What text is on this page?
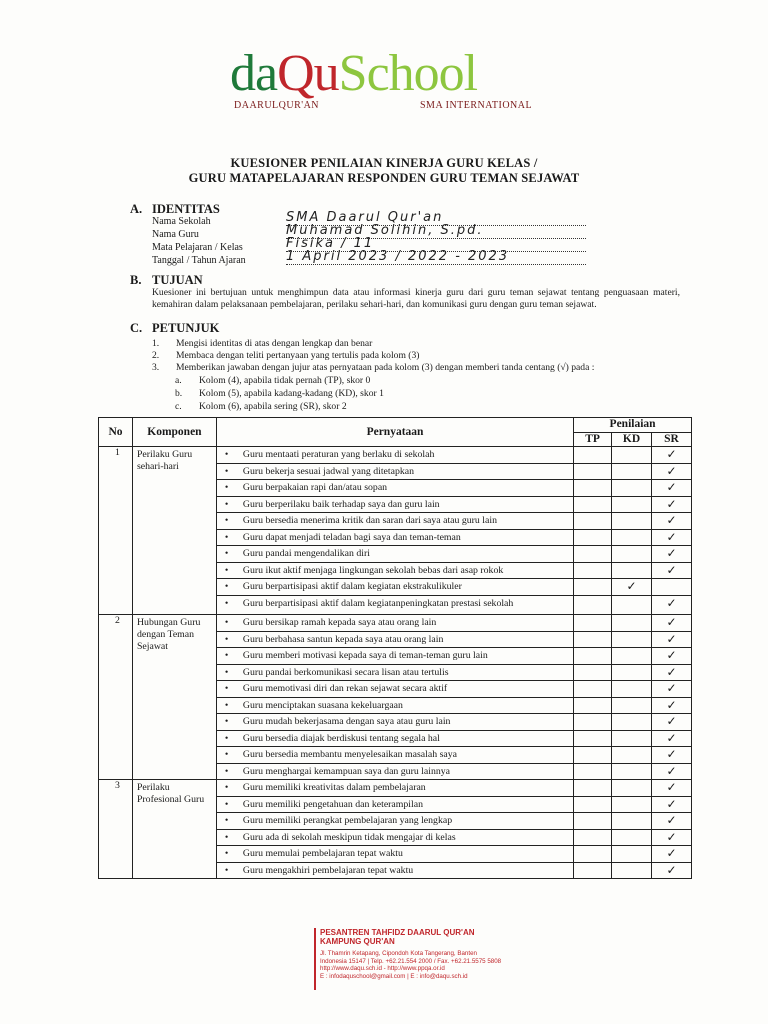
daQuSchool
DAARULQUR'AN	SMA INTERNATIONAL
KUESIONER PENILAIAN KINERJA GURU KELAS /
GURU MATAPELAJARAN RESPONDEN GURU TEMAN SEJAWAT
A. IDENTITAS
Nama Sekolah	SMA Daarul Qur'an
Nama Guru	Muhamad Solihin, S.pd.
Mata Pelajaran / Kelas	Fisika / 11
Tanggal / Tahun Ajaran	1 April 2023 / 2022 - 2023
B. TUJUAN
Kuesioner ini bertujuan untuk menghimpun data atau informasi kinerja guru dari guru teman sejawat tentang penguasaan materi, kemahiran dalam pelaksanaan pembelajaran, perilaku sehari-hari, dan komunikasi guru dengan guru teman sejawat.
C. PETUNJUK
1. Mengisi identitas di atas dengan lengkap dan benar
2. Membaca dengan teliti pertanyaan yang tertulis pada kolom (3)
3. Memberikan jawaban dengan jujur atas pernyataan pada kolom (3) dengan memberi tanda centang (√) pada :
a. Kolom (4), apabila tidak pernah (TP), skor 0
b. Kolom (5), apabila kadang-kadang (KD), skor 1
c. Kolom (6), apabila sering (SR), skor 2
No	Komponen	Pernyataan	Penilaian		
			TP	KD	SR
1	Perilaku Guru sehari-hari	• Guru mentaati peraturan yang berlaku di sekolah			✓

		• Guru bekerja sesuai jadwal yang ditetapkan			✓

		• Guru berpakaian rapi dan/atau sopan			✓

		• Guru berperilaku baik terhadap saya dan guru lain			✓

		• Guru bersedia menerima kritik dan saran dari saya atau guru lain			✓

		• Guru dapat menjadi teladan bagi saya dan teman-teman			✓

		• Guru pandai mengendalikan diri			✓

		• Guru ikut aktif menjaga lingkungan sekolah bebas dari asap rokok			✓

		• Guru berpartisipasi aktif dalam kegiatan ekstrakulikuler		✓	

		• Guru berpartisipasi aktif dalam kegiatanpeningkatan prestasi sekolah			✓
2	Hubungan Guru dengan Teman Sejawat	• Guru bersikap ramah kepada saya atau orang lain			✓

		• Guru berbahasa santun kepada saya atau orang lain			✓

		• Guru memberi motivasi kepada saya di teman-teman guru lain			✓

		• Guru pandai berkomunikasi secara lisan atau tertulis			✓

		• Guru memotivasi diri dan rekan sejawat secara aktif			✓

		• Guru menciptakan suasana kekeluargaan			✓

		• Guru mudah bekerjasama dengan saya atau guru lain			✓

		• Guru bersedia diajak berdiskusi tentang segala hal			✓

		• Guru bersedia membantu menyelesaikan masalah saya			✓

		• Guru menghargai kemampuan saya dan guru lainnya			✓
3	Perilaku Profesional Guru	• Guru memiliki kreativitas dalam pembelajaran			✓

		• Guru memiliki pengetahuan dan keterampilan			✓

		• Guru memiliki perangkat pembelajaran yang lengkap			✓

		• Guru ada di sekolah meskipun tidak mengajar di kelas			✓

		• Guru memulai pembelajaran tepat waktu			✓

		• Guru mengakhiri pembelajaran tepat waktu			✓
PESANTREN TAHFIDZ DAARUL QUR'AN
KAMPUNG QUR'AN
Jl. Thamrin Ketapang, Cipondoh Kota Tangerang, Banten
Indonesia 15147 | Telp. +62.21.554 2000 / Fax. +62.21.5575 5808
http://www.daqu.sch.id - http://www.ppqa.or.id
E : infodaquschool@gmail.com | E : info@daqu.sch.id
